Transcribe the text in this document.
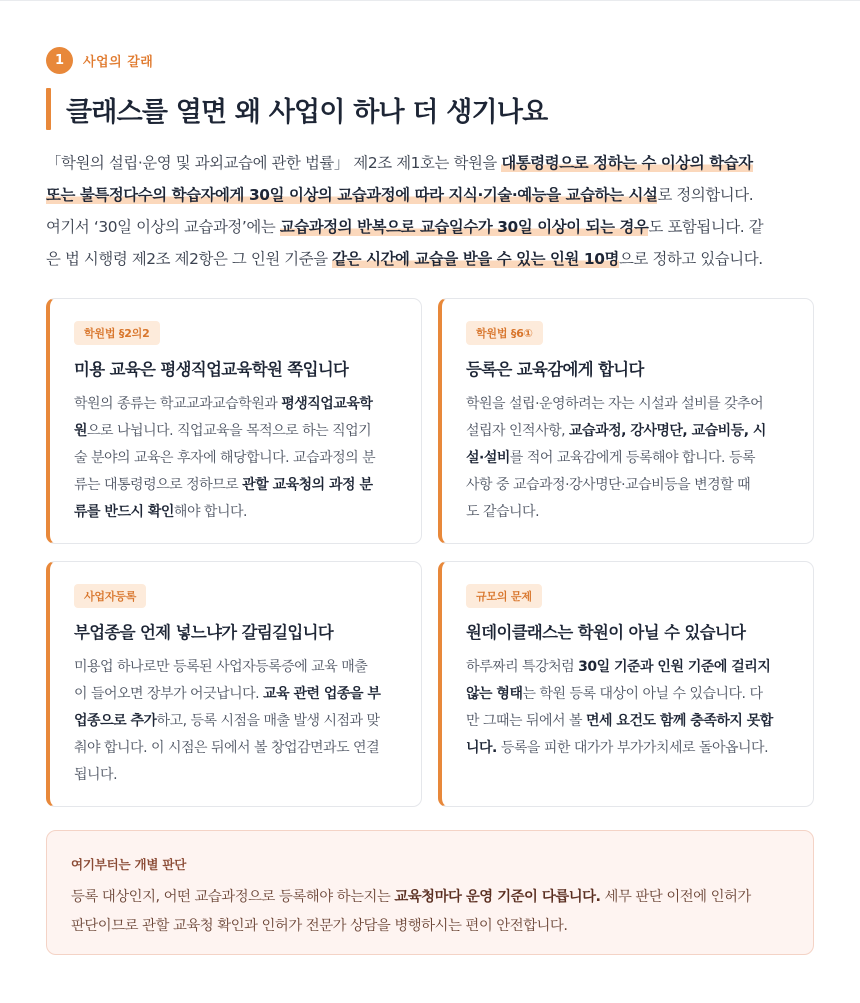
1	사업의 갈래
클래스를 열면 왜 사업이 하나 더 생기나요

「학원의 설립·운영 및 과외교습에 관한 법률」 제2조 제1호는 학원을 대통령령으로 정하는 수 이상의 학습자

또는 불특정다수의 학습자에게 30일 이상의 교습과정에 따라 지식·기술·예능을 교습하는 시설로 정의합니다.

여기서 ‘30일 이상의 교습과정’에는 교습과정의 반복으로 교습일수가 30일 이상이 되는 경우도 포함됩니다. 같

은 법 시행령 제2조 제2항은 그 인원 기준을 같은 시간에 교습을 받을 수 있는 인원 10명으로 정하고 있습니다.

학원법 §2의2
미용 교육은 평생직업교육학원 쪽입니다

학원의 종류는 학교교과교습학원과 평생직업교육학

원으로 나뉩니다. 직업교육을 목적으로 하는 직업기

술 분야의 교육은 후자에 해당합니다. 교습과정의 분

류는 대통령령으로 정하므로 관할 교육청의 과정 분

류를 반드시 확인해야 합니다.

학원법 §6①
등록은 교육감에게 합니다

학원을 설립·운영하려는 자는 시설과 설비를 갖추어

설립자 인적사항, 교습과정, 강사명단, 교습비등, 시

설·설비를 적어 교육감에게 등록해야 합니다. 등록

사항 중 교습과정·강사명단·교습비등을 변경할 때

도 같습니다.

사업자등록
부업종을 언제 넣느냐가 갈림길입니다

미용업 하나로만 등록된 사업자등록증에 교육 매출

이 들어오면 장부가 어긋납니다. 교육 관련 업종을 부

업종으로 추가하고, 등록 시점을 매출 발생 시점과 맞

춰야 합니다. 이 시점은 뒤에서 볼 창업감면과도 연결

됩니다.

규모의 문제
원데이클래스는 학원이 아닐 수 있습니다

하루짜리 특강처럼 30일 기준과 인원 기준에 걸리지

않는 형태는 학원 등록 대상이 아닐 수 있습니다. 다

만 그때는 뒤에서 볼 면세 요건도 함께 충족하지 못합

니다. 등록을 피한 대가가 부가가치세로 돌아옵니다.

여기부터는 개별 판단

등록 대상인지, 어떤 교습과정으로 등록해야 하는지는 교육청마다 운영 기준이 다릅니다. 세무 판단 이전에 인허가

판단이므로 관할 교육청 확인과 인허가 전문가 상담을 병행하시는 편이 안전합니다.
